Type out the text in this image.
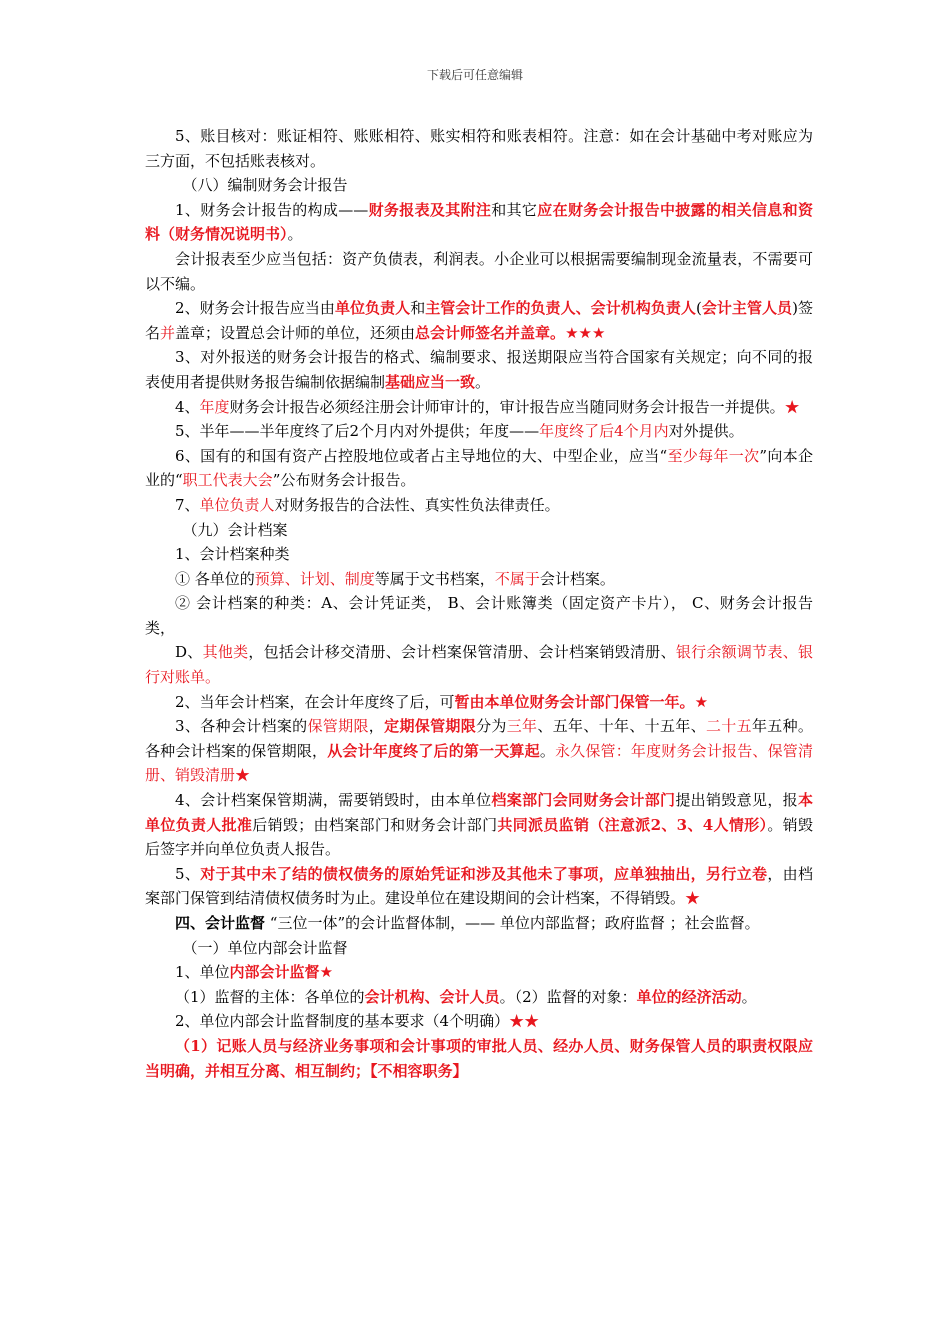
下载后可任意编辑

5、账目核对：账证相符、账账相符、账实相符和账表相符。注意：如在会计基础中考对账应为三方面，不包括账表核对。

（八）编制财务会计报告

1、财务会计报告的构成——财务报表及其附注和其它应在财务会计报告中披露的相关信息和资料（财务情况说明书）。

会计报表至少应当包括：资产负债表，利润表。小企业可以根据需要编制现金流量表，不需要可以不编。

2、财务会计报告应当由单位负责人和主管会计工作的负责人、会计机构负责人(会计主管人员)签名并盖章；设置总会计师的单位，还须由总会计师签名并盖章。★★★

3、对外报送的财务会计报告的格式、编制要求、报送期限应当符合国家有关规定；向不同的报表使用者提供财务报告编制依据编制基础应当一致。

4、年度财务会计报告必须经注册会计师审计的，审计报告应当随同财务会计报告一并提供。★

5、半年——半年度终了后2个月内对外提供；年度——年度终了后4个月内对外提供。

6、国有的和国有资产占控股地位或者占主导地位的大、中型企业，应当“至少每年一次”向本企业的“职工代表大会”公布财务会计报告。

7、单位负责人对财务报告的合法性、真实性负法律责任。

（九）会计档案

1、会计档案种类

① 各单位的预算、计划、制度等属于文书档案，不属于会计档案。

② 会计档案的种类：A、会计凭证类， B、会计账簿类（固定资产卡片）， C、财务会计报告类，

D、其他类，包括会计移交清册、会计档案保管清册、会计档案销毁清册、银行余额调节表、银行对账单。

2、当年会计档案，在会计年度终了后，可暂由本单位财务会计部门保管一年。★

3、各种会计档案的保管期限，定期保管期限分为三年、五年、十年、十五年、二十五年五种。各种会计档案的保管期限，从会计年度终了后的第一天算起。永久保管：年度财务会计报告、保管清册、销毁清册★

4、会计档案保管期满，需要销毁时，由本单位档案部门会同财务会计部门提出销毁意见，报本单位负责人批准后销毁；由档案部门和财务会计部门共同派员监销（注意派2、3、4人情形）。销毁后签字并向单位负责人报告。

5、对于其中未了结的债权债务的原始凭证和涉及其他未了事项，应单独抽出，另行立卷，由档案部门保管到结清债权债务时为止。建设单位在建设期间的会计档案，不得销毁。★

四、会计监督 “三位一体”的会计监督体制，—— 单位内部监督；政府监督 ；社会监督。

（一）单位内部会计监督

1、单位内部会计监督★

（1）监督的主体：各单位的会计机构、会计人员。（2）监督的对象：单位的经济活动。

2、单位内部会计监督制度的基本要求（4个明确）★★

（1）记账人员与经济业务事项和会计事项的审批人员、经办人员、财务保管人员的职责权限应当明确，并相互分离、相互制约；【不相容职务】
